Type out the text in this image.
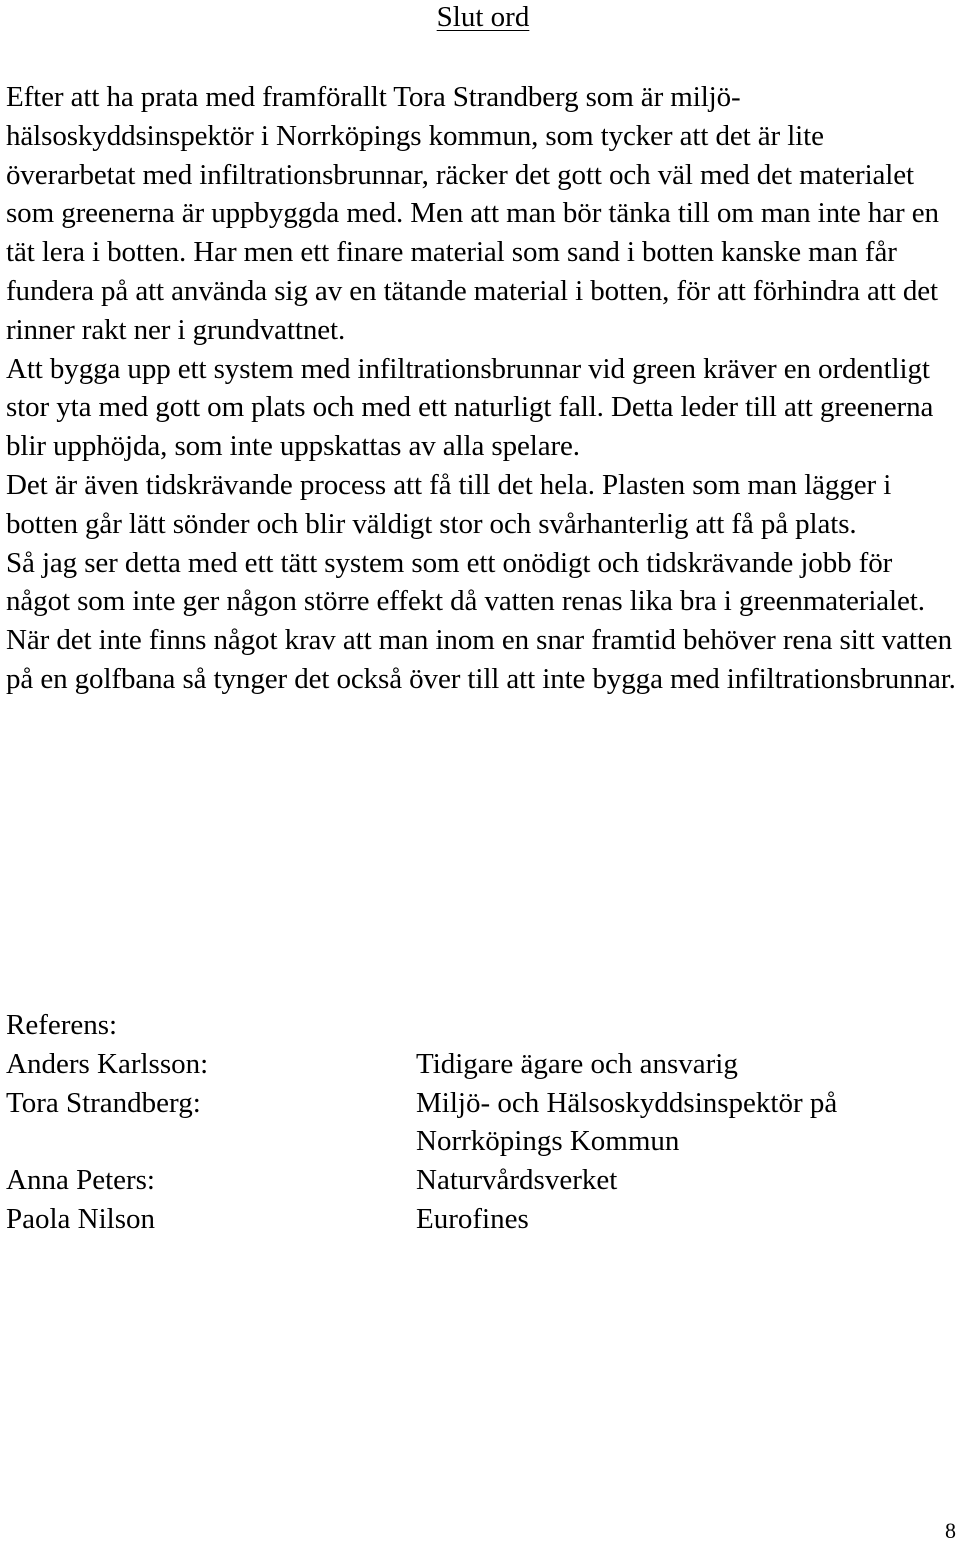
Slut ord

Efter att ha prata med framförallt Tora Strandberg som är miljö-hälsoskyddsinspektör i Norrköpings kommun, som tycker att det är lite överarbetat med infiltrationsbrunnar, räcker det gott och väl med det materialet som greenerna är uppbyggda med. Men att man bör tänka till om man inte har en tät lera i botten. Har men ett finare material som sand i botten kanske man får fundera på att använda sig av en tätande material i botten, för att förhindra att det rinner rakt ner i grundvattnet.

Att bygga upp ett system med infiltrationsbrunnar vid green kräver en ordentligt stor yta med gott om plats och med ett naturligt fall. Detta leder till att greenerna blir upphöjda, som inte uppskattas av alla spelare.

Det är även tidskrävande process att få till det hela. Plasten som man lägger i botten går lätt sönder och blir väldigt stor och svårhanterlig att få på plats.

Så jag ser detta med ett tätt system som ett onödigt och tidskrävande jobb för något som inte ger någon större effekt då vatten renas lika bra i greenmaterialet. När det inte finns något krav att man inom en snar framtid behöver rena sitt vatten på en golfbana så tynger det också över till att inte bygga med infiltrationsbrunnar.

Referens:
Anders Karlsson:	Tidigare ägare och ansvarig
Tora Strandberg:	Miljö- och Hälsoskyddsinspektör på Norrköpings Kommun
Anna Peters:	Naturvårdsverket
Paola Nilson	Eurofines
8
